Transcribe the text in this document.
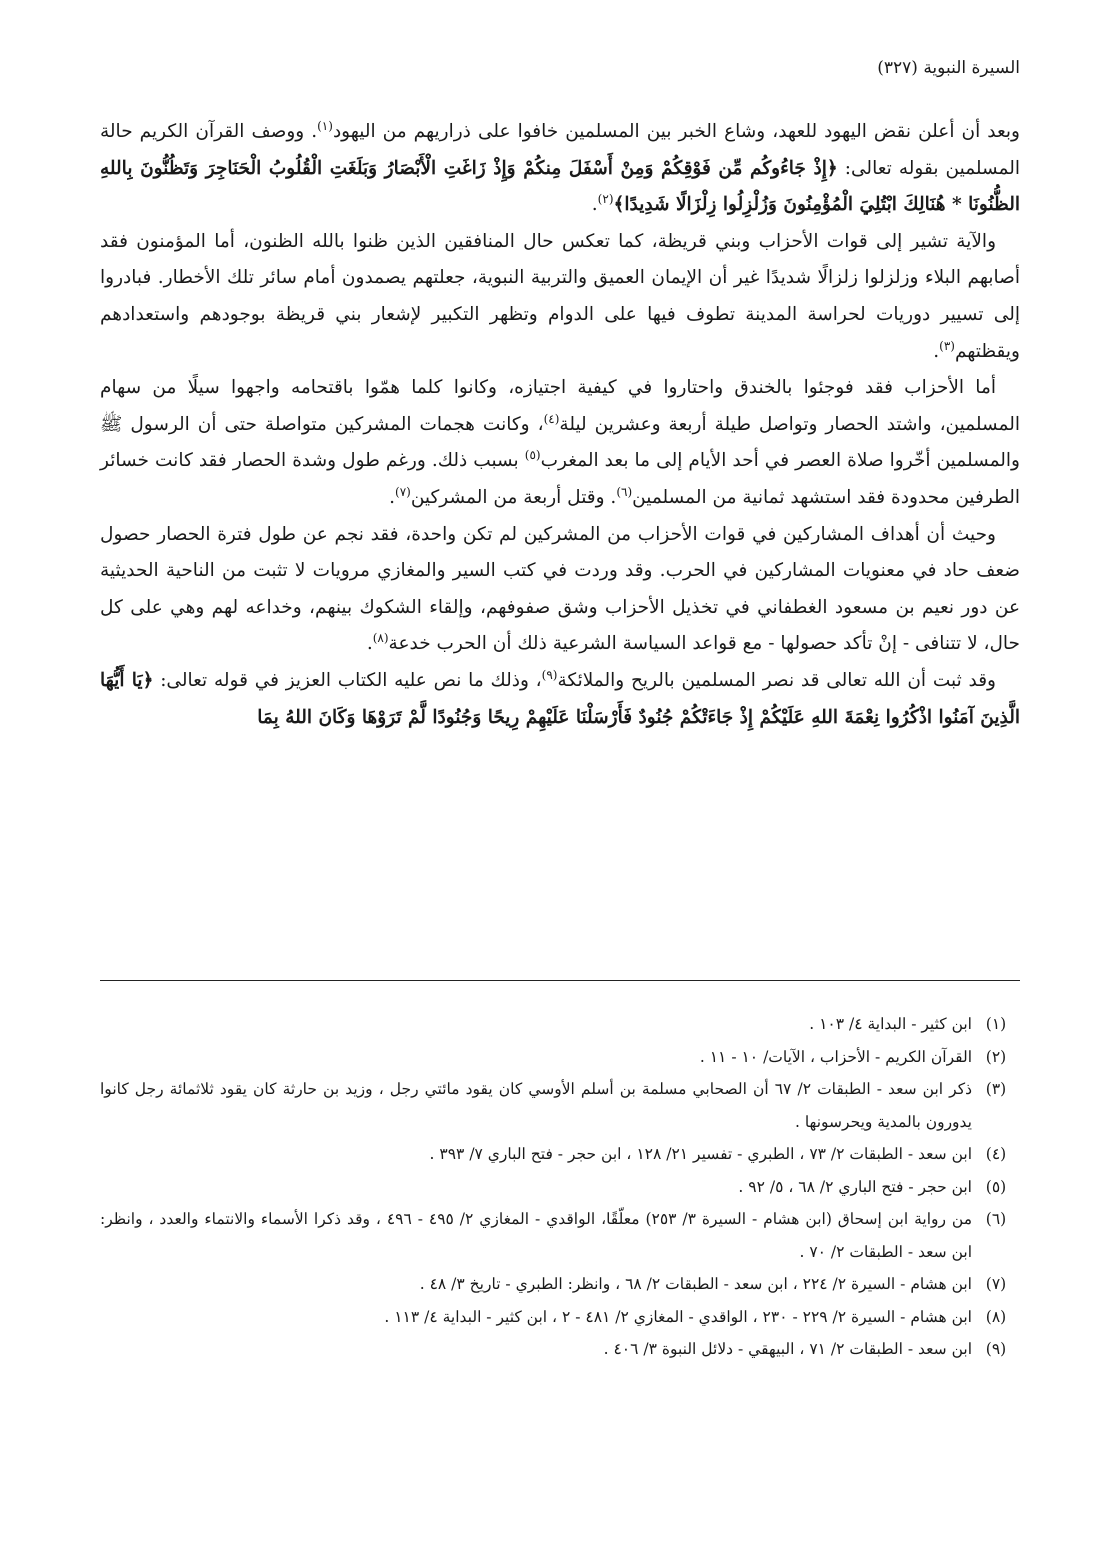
السيرة النبوية (٣٢٧)

وبعد أن أعلن نقض اليهود للعهد، وشاع الخبر بين المسلمين خافوا على ذراريهم من اليهود$^{(١)}$. ووصف القرآن الكريم حالة المسلمين بقوله تعالى: ﴿إِذْ جَاءُوكُم مِّن فَوْقِكُمْ وَمِنْ أَسْفَلَ مِنكُمْ وَإِذْ زَاغَتِ الْأَبْصَارُ وَبَلَغَتِ الْقُلُوبُ الْحَنَاجِرَ وَتَظُنُّونَ بِاللهِ الظُّنُونَا * هُنَالِكَ ابْتُلِيَ الْمُؤْمِنُونَ وَزُلْزِلُوا زِلْزَالًا شَدِيدًا﴾$^{(٢)}$.

والآية تشير إلى قوات الأحزاب وبني قريظة، كما تعكس حال المنافقين الذين ظنوا بالله الظنون، أما المؤمنون فقد أصابهم البلاء وزلزلوا زلزالًا شديدًا غير أن الإيمان العميق والتربية النبوية، جعلتهم يصمدون أمام سائر تلك الأخطار. فبادروا إلى تسيير دوريات لحراسة المدينة تطوف فيها على الدوام وتظهر التكبير لإشعار بني قريظة بوجودهم واستعدادهم ويقظتهم$^{(٣)}$.

أما الأحزاب فقد فوجئوا بالخندق واحتاروا في كيفية اجتيازه، وكانوا كلما همّوا باقتحامه واجهوا سيلًا من سهام المسلمين، واشتد الحصار وتواصل طيلة أربعة وعشرين ليلة$^{(٤)}$، وكانت هجمات المشركين متواصلة حتى أن الرسول ﷺ والمسلمين أخّروا صلاة العصر في أحد الأيام إلى ما بعد المغرب$^{(٥)}$ بسبب ذلك. ورغم طول وشدة الحصار فقد كانت خسائر الطرفين محدودة فقد استشهد ثمانية من المسلمين$^{(٦)}$. وقتل أربعة من المشركين$^{(٧)}$.

وحيث أن أهداف المشاركين في قوات الأحزاب من المشركين لم تكن واحدة، فقد نجم عن طول فترة الحصار حصول ضعف حاد في معنويات المشاركين في الحرب. وقد وردت في كتب السير والمغازي مرويات لا تثبت من الناحية الحديثية عن دور نعيم بن مسعود الغطفاني في تخذيل الأحزاب وشق صفوفهم، وإلقاء الشكوك بينهم، وخداعه لهم وهي على كل حال، لا تتنافى - إنْ تأكد حصولها - مع قواعد السياسة الشرعية ذلك أن الحرب خدعة$^{(٨)}$.

وقد ثبت أن الله تعالى قد نصر المسلمين بالريح والملائكة$^{(٩)}$، وذلك ما نص عليه الكتاب العزيز في قوله تعالى: ﴿يَا أَيُّهَا الَّذِينَ آمَنُوا اذْكُرُوا نِعْمَةَ اللهِ عَلَيْكُمْ إِذْ جَاءَتْكُمْ جُنُودٌ فَأَرْسَلْنَا عَلَيْهِمْ رِيحًا وَجُنُودًا لَّمْ تَرَوْهَا وَكَانَ اللهُ بِمَا

(١)
ابن كثير - البداية ٤/ ١٠٣ .
(٢)
القرآن الكريم - الأحزاب ، الآيات/ ١٠ - ١١ .
(٣)
ذكر ابن سعد - الطبقات ٢/ ٦٧ أن الصحابي مسلمة بن أسلم الأوسي كان يقود مائتي رجل ، وزيد بن حارثة كان يقود ثلاثمائة رجل كانوا يدورون بالمدية ويحرسونها .
(٤)
ابن سعد - الطبقات ٢/ ٧٣ ، الطبري - تفسير ٢١/ ١٢٨ ، ابن حجر - فتح الباري ٧/ ٣٩٣ .
(٥)
ابن حجر - فتح الباري ٢/ ٦٨ ، ٥/ ٩٢ .
(٦)
من رواية ابن إسحاق (ابن هشام - السيرة ٣/ ٢٥٣) معلّقًا، الواقدي - المغازي ٢/ ٤٩٥ - ٤٩٦ ، وقد ذكرا الأسماء والانتماء والعدد ، وانظر: ابن سعد - الطبقات ٢/ ٧٠ .
(٧)
ابن هشام - السيرة ٢/ ٢٢٤ ، ابن سعد - الطبقات ٢/ ٦٨ ، وانظر: الطبري - تاريخ ٣/ ٤٨ .
(٨)
ابن هشام - السيرة ٢/ ٢٢٩ - ٢٣٠ ، الواقدي - المغازي ٢/ ٤٨١ - ٢ ، ابن كثير - البداية ٤/ ١١٣ .
(٩)
ابن سعد - الطبقات ٢/ ٧١ ، البيهقي - دلائل النبوة ٣/ ٤٠٦ .
